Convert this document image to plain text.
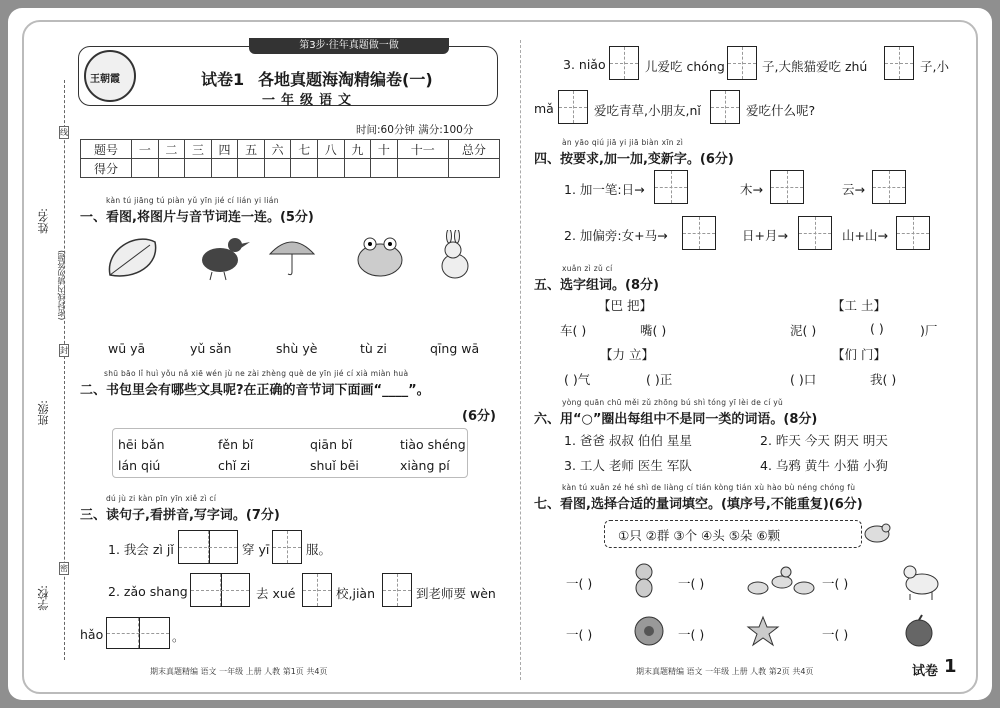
姓名:
班级:
学校:
(密封线内请勿答题)
线
封
密
第3步·往年真题做一做
王朝霞	试卷1 各地真题海淘精编卷(一)
一年级语文
时间:60分钟 满分:100分
题号	一	二	三	四	五	六	七	八	九	十	十一	总分
得分												
kàn tú jiāng tú piàn yǔ yīn jié cí lián yi lián
一、看图,将图片与音节词连一连。(5分)
wū yā	yǔ sǎn	shù yè	tù zi	qīng wā
shū bāo lǐ huì yǒu nǎ xiē wén jù ne zài zhèng què de yīn jié cí xià miàn huà
二、书包里会有哪些文具呢?在正确的音节词下面画“____”。
(6分)
hēi bǎn	fěn bǐ	qiān bǐ	tiào shéng
lán qiú	chǐ zi	shuǐ bēi	xiàng pí
dú jù zi kàn pīn yīn xiě zì cí
三、读句子,看拼音,写字词。(7分)
1. 我会 zì jǐ	穿 yī	服。
2. zǎo shang	去 xué	校,jiàn	到老师要 wèn
hǎo	。
期末真题精编 语文 一年级 上册 人教 第1页 共4页
3. niǎo	儿爱吃 chóng	子,大熊猫爱吃 zhú	子,小
mǎ	爱吃青草,小朋友,nǐ	爱吃什么呢?
àn yāo qiú jiā yi jiā biàn xīn zì
四、按要求,加一加,变新字。(6分)
1. 加一笔:日→	木→	云→
2. 加偏旁:女+马→	日+月→	山+山→
xuǎn zì zǔ cí
五、选字组词。(8分)
【巴 把】	【工 土】
车( )	嘴( )	泥( )	( )	)厂
【力 立】	【们 门】
( )气	( )正	( )口	我( )
yòng quān chū měi zǔ zhōng bú shì tóng yī lèi de cí yǔ
六、用“○”圈出每组中不是同一类的词语。(8分)
1. 爸爸 叔叔 伯伯 星星	2. 昨天 今天 阴天 明天
3. 工人 老师 医生 军队	4. 乌鸦 黄牛 小猫 小狗
kàn tú xuǎn zé hé shì de liàng cí tián kòng tián xù hào bù néng chóng fù
七、看图,选择合适的量词填空。(填序号,不能重复)(6分)
①只 ②群 ③个 ④头 ⑤朵 ⑥颗
一( )	一( )	一( )
一( )	一( )	一( )
期末真题精编 语文 一年级 上册 人教 第2页 共4页	试卷 1
